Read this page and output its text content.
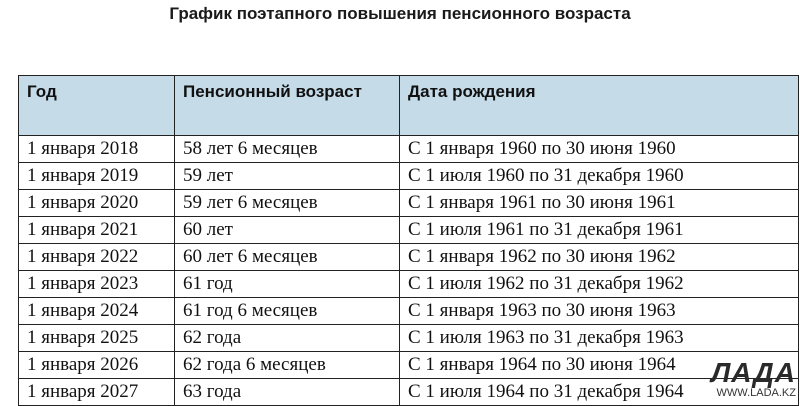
График поэтапного повышения пенсионного возраста
Год	Пенсионный возраст	Дата рождения
1 января 2018	58 лет 6 месяцев	С 1 января 1960 по 30 июня 1960
1 января 2019	59 лет	С 1 июля 1960 по 31 декабря 1960
1 января 2020	59 лет 6 месяцев	С 1 января 1961 по 30 июня 1961
1 января 2021	60 лет	С 1 июля 1961 по 31 декабря 1961
1 января 2022	60 лет 6 месяцев	С 1 января 1962 по 30 июня 1962
1 января 2023	61 год	С 1 июля 1962 по 31 декабря 1962
1 января 2024	61 год 6 месяцев	С 1 января 1963 по 30 июня 1963
1 января 2025	62 года	С 1 июля 1963 по 31 декабря 1963
1 января 2026	62 года 6 месяцев	С 1 января 1964 по 30 июня 1964
1 января 2027	63 года	С 1 июля 1964 по 31 декабря 1964
ЛАДА
WWW.LADA.KZ
